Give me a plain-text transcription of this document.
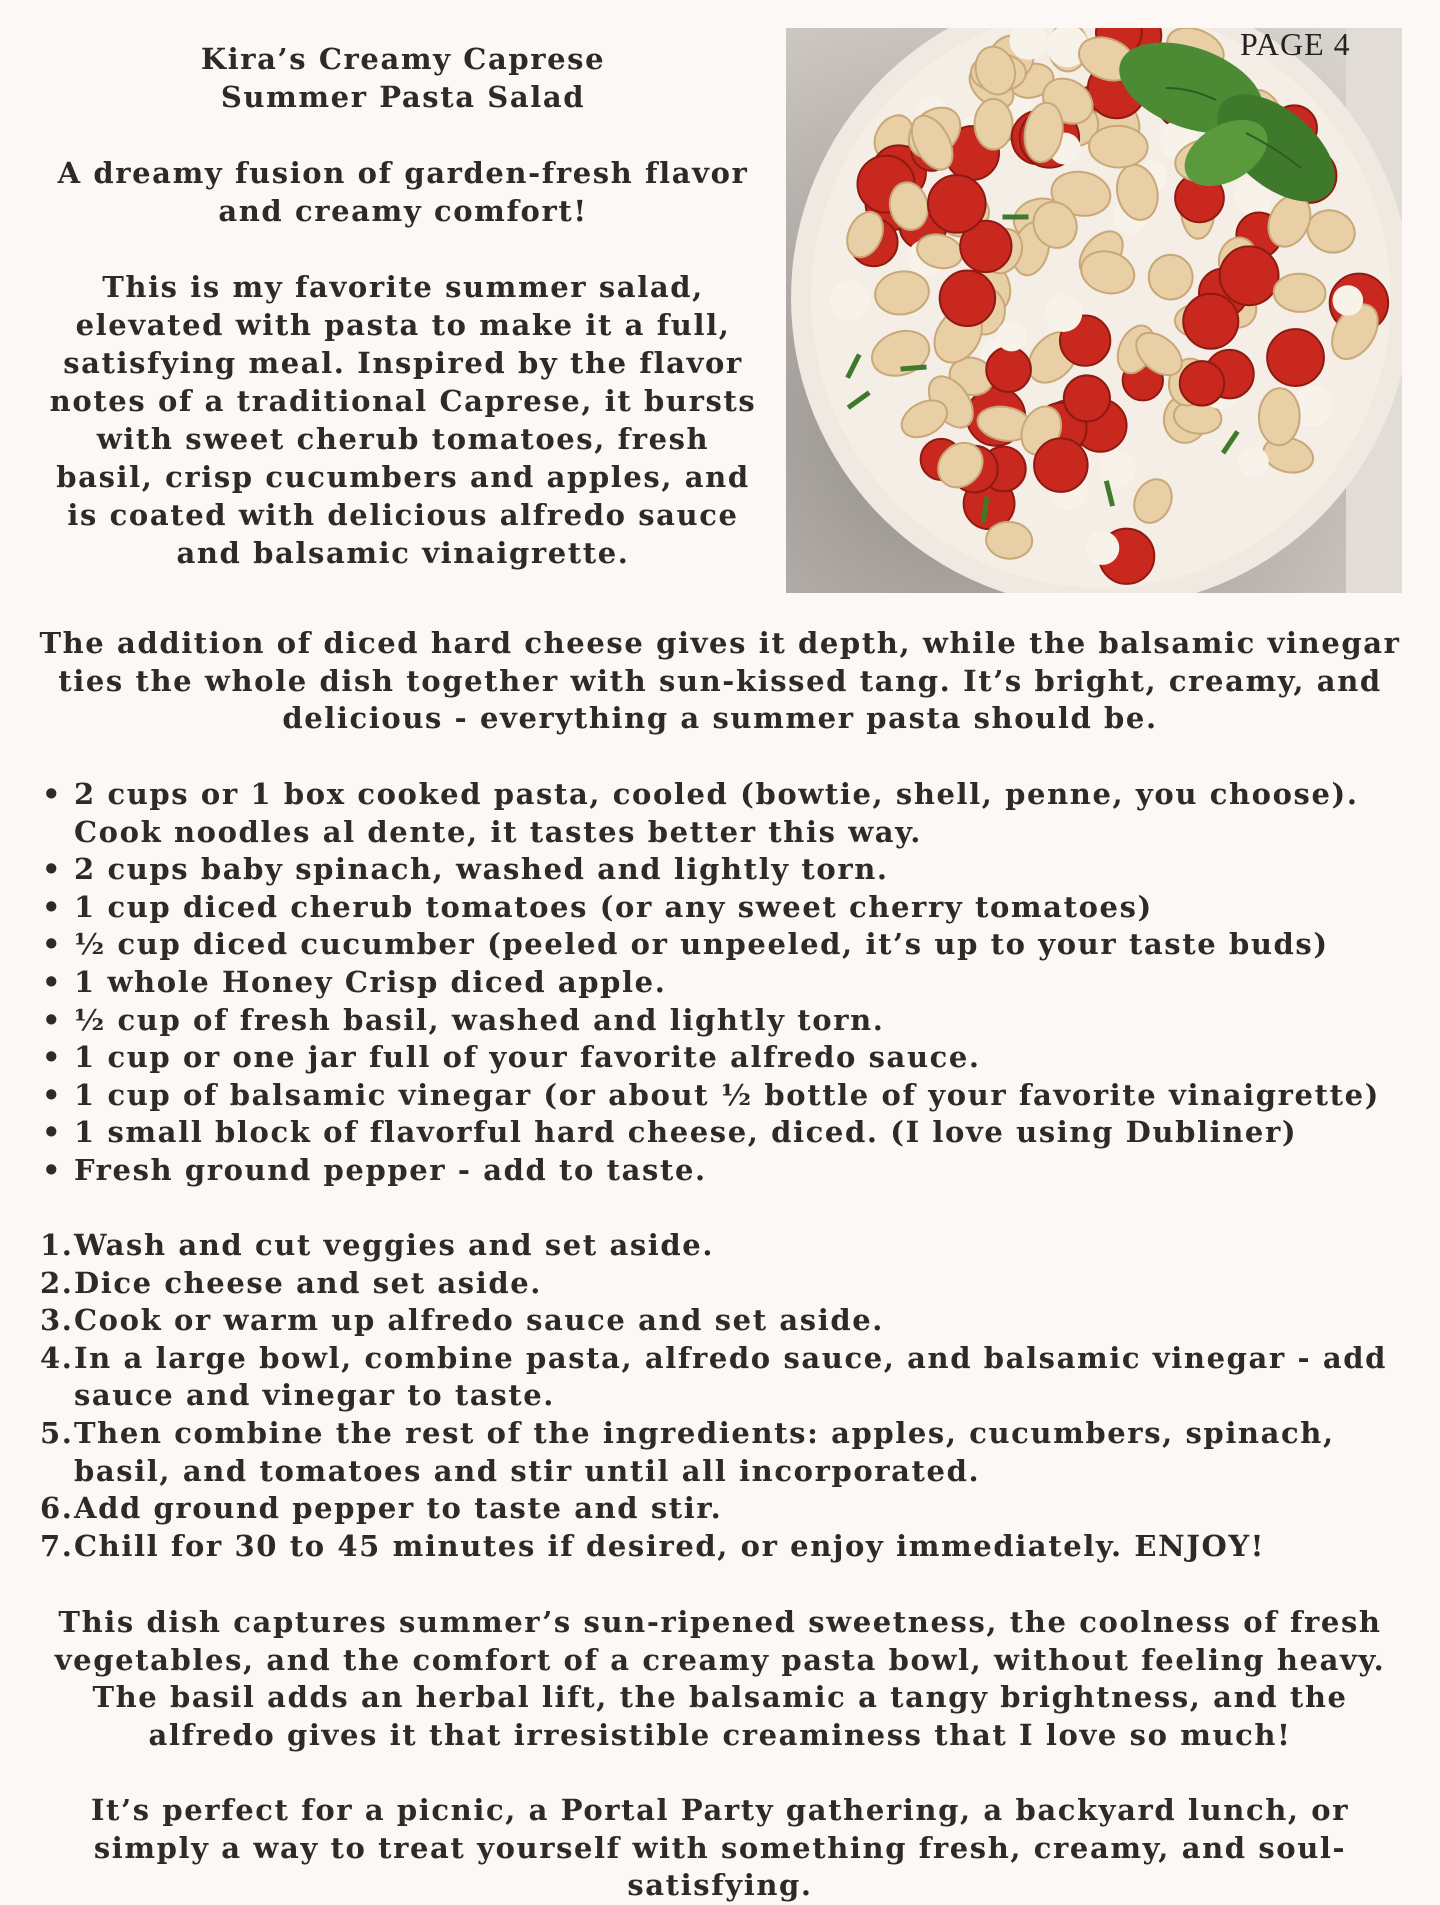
Kira’s Creamy Caprese
Summer Pasta Salad

A dreamy fusion of garden-fresh flavor and creamy comfort!

This is my favorite summer salad, elevated with pasta to make it a full, satisfying meal. Inspired by the flavor notes of a traditional Caprese, it bursts with sweet cherub tomatoes, fresh basil, crisp cucumbers and apples, and is coated with delicious alfredo sauce and balsamic vinaigrette.

PAGE 4

The addition of diced hard cheese gives it depth, while the balsamic vinegar ties the whole dish together with sun-kissed tang. It’s bright, creamy, and delicious - everything a summer pasta should be.

• 2 cups or 1 box cooked pasta, cooled (bowtie, shell, penne, you choose). Cook noodles al dente, it tastes better this way.
• 2 cups baby spinach, washed and lightly torn.
• 1 cup diced cherub tomatoes (or any sweet cherry tomatoes)
• ½ cup diced cucumber (peeled or unpeeled, it’s up to your taste buds)
• 1 whole Honey Crisp diced apple.
• ½ cup of fresh basil, washed and lightly torn.
• 1 cup or one jar full of your favorite alfredo sauce.
• 1 cup of balsamic vinegar (or about ½ bottle of your favorite vinaigrette)
• 1 small block of flavorful hard cheese, diced. (I love using Dubliner)
• Fresh ground pepper - add to taste.
1. Wash and cut veggies and set aside.
2. Dice cheese and set aside.
3. Cook or warm up alfredo sauce and set aside.
4. In a large bowl, combine pasta, alfredo sauce, and balsamic vinegar - add sauce and vinegar to taste.
5. Then combine the rest of the ingredients: apples, cucumbers, spinach, basil, and tomatoes and stir until all incorporated.
6. Add ground pepper to taste and stir.
7. Chill for 30 to 45 minutes if desired, or enjoy immediately. ENJOY!

This dish captures summer’s sun-ripened sweetness, the coolness of fresh vegetables, and the comfort of a creamy pasta bowl, without feeling heavy. The basil adds an herbal lift, the balsamic a tangy brightness, and the alfredo gives it that irresistible creaminess that I love so much!

It’s perfect for a picnic, a Portal Party gathering, a backyard lunch, or simply a way to treat yourself with something fresh, creamy, and soul-satisfying.
